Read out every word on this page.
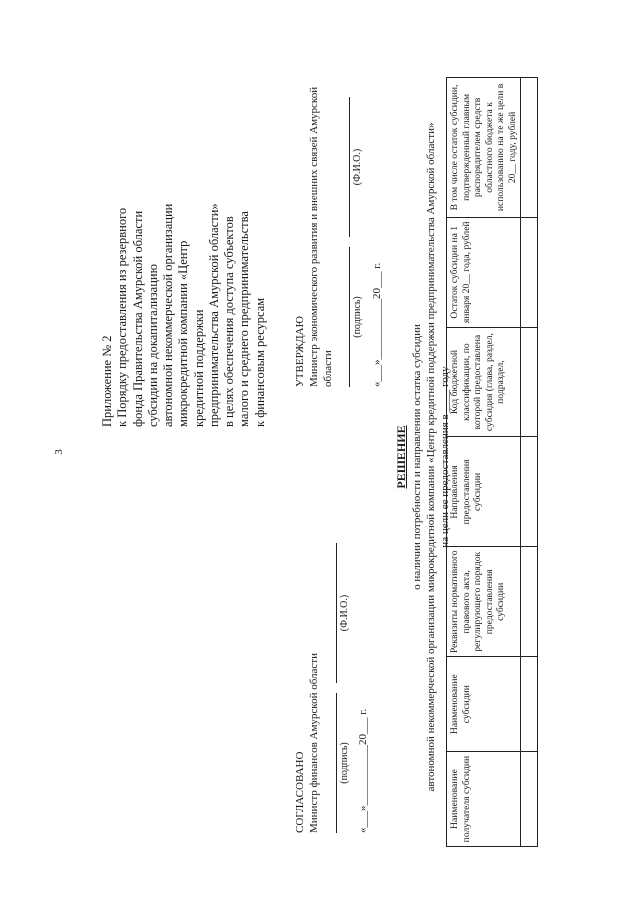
3
Приложение № 2 к Порядку предоставления из резервного фонда Правительства Амурской области субсидии на докапитализацию автономной некоммерческой организации микрокредитной компании «Центр кредитной поддержки предпринимательства Амурской области» в целях обеспечения доступа субъектов малого и среднего предпринимательства к финансовым ресурсам	УТВЕРЖДАЮ Министр экономического развития и внешних связей Амурской области
(подпись)
(Ф.И.О.)
«___»___________20___ г.
СОГЛАСОВАНО Министр финансов Амурской области	(подпись)
(Ф.И.О.)
«___»___________20___ г.
РЕШЕНИЕ о наличии потребности и направлении остатка субсидии автономной некоммерческой организации микрокредитной компании «Центр кредитной поддержки предпринимательства Амурской области» на цели ее предоставления в ____ году
Наименование получателя субсидии	Наименование субсидии	Реквизиты нормативного правового акта, регулирующего порядок предоставления субсидии	Направления предоставления субсидии	Код бюджетной классификации, по которой предоставлена субсидия (глава, раздел, подраздел,	Остаток субсидии на 1 января 20__ года, рублей	В том числе остаток субсидии, подтвержденный главным распорядителем средств областного бюджета к использованию на те же цели в 20__ году, рублей
